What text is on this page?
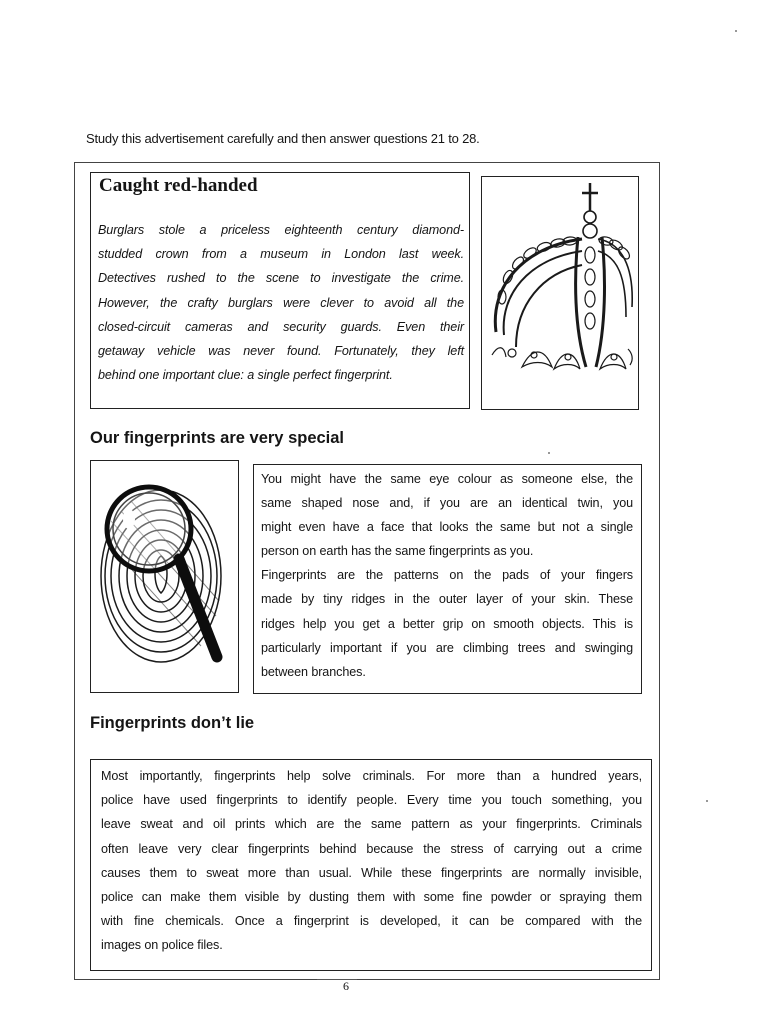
Study this advertisement carefully and then answer questions 21 to 28.
Caught red-handed
Burglars stole a priceless eighteenth century diamond-
studded crown from a museum in London last week.
Detectives rushed to the scene to investigate the crime.
However, the crafty burglars were clever to avoid all the
closed-circuit cameras and security guards. Even their
getaway vehicle was never found. Fortunately, they left
behind one important clue: a single perfect fingerprint.
Our fingerprints are very special
You might have the same eye colour as someone else, the
same shaped nose and, if you are an identical twin, you
might even have a face that looks the same but not a single
person on earth has the same fingerprints as you.
Fingerprints are the patterns on the pads of your fingers
made by tiny ridges in the outer layer of your skin. These
ridges help you get a better grip on smooth objects. This is
particularly important if you are climbing trees and swinging
between branches.
Fingerprints don’t lie
Most importantly, fingerprints help solve criminals. For more than a hundred years,
police have used fingerprints to identify people. Every time you touch something, you
leave sweat and oil prints which are the same pattern as your fingerprints. Criminals
often leave very clear fingerprints behind because the stress of carrying out a crime
causes them to sweat more than usual. While these fingerprints are normally invisible,
police can make them visible by dusting them with some fine powder or spraying them
with fine chemicals. Once a fingerprint is developed, it can be compared with the
images on police files.
6
